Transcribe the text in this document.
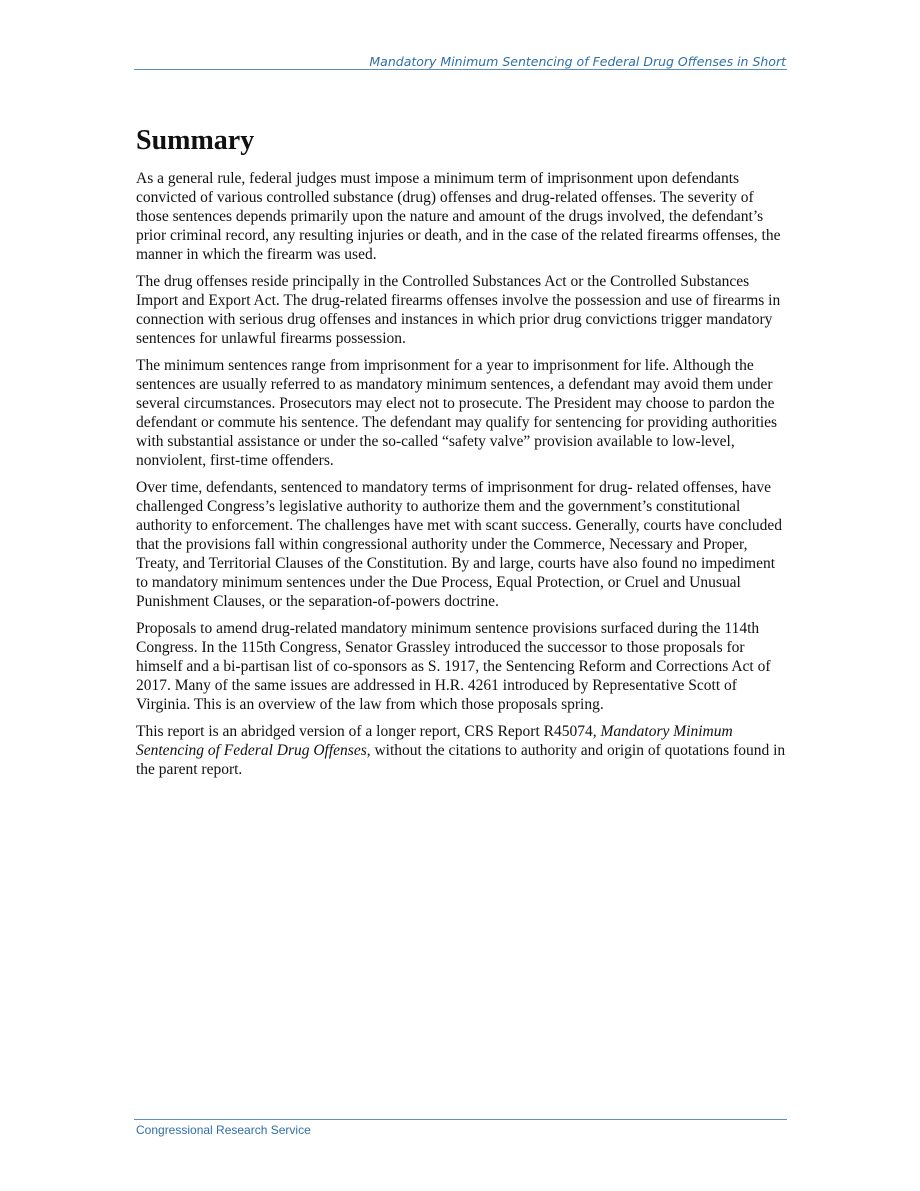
Mandatory Minimum Sentencing of Federal Drug Offenses in Short
Summary

As a general rule, federal judges must impose a minimum term of imprisonment upon defendants convicted of various controlled substance (drug) offenses and drug-related offenses. The severity of those sentences depends primarily upon the nature and amount of the drugs involved, the defendant’s prior criminal record, any resulting injuries or death, and in the case of the related firearms offenses, the manner in which the firearm was used.

The drug offenses reside principally in the Controlled Substances Act or the Controlled Substances Import and Export Act. The drug-related firearms offenses involve the possession and use of firearms in connection with serious drug offenses and instances in which prior drug convictions trigger mandatory sentences for unlawful firearms possession.

The minimum sentences range from imprisonment for a year to imprisonment for life. Although the sentences are usually referred to as mandatory minimum sentences, a defendant may avoid them under several circumstances. Prosecutors may elect not to prosecute. The President may choose to pardon the defendant or commute his sentence. The defendant may qualify for sentencing for providing authorities with substantial assistance or under the so-called “safety valve” provision available to low-level, nonviolent, first-time offenders.

Over time, defendants, sentenced to mandatory terms of imprisonment for drug- related offenses, have challenged Congress’s legislative authority to authorize them and the government’s constitutional authority to enforcement. The challenges have met with scant success. Generally, courts have concluded that the provisions fall within congressional authority under the Commerce, Necessary and Proper, Treaty, and Territorial Clauses of the Constitution. By and large, courts have also found no impediment to mandatory minimum sentences under the Due Process, Equal Protection, or Cruel and Unusual Punishment Clauses, or the separation-of-powers doctrine.

Proposals to amend drug-related mandatory minimum sentence provisions surfaced during the 114th Congress. In the 115th Congress, Senator Grassley introduced the successor to those proposals for himself and a bi-partisan list of co-sponsors as S. 1917, the Sentencing Reform and Corrections Act of 2017. Many of the same issues are addressed in H.R. 4261 introduced by Representative Scott of Virginia. This is an overview of the law from which those proposals spring.

This report is an abridged version of a longer report, CRS Report R45074, Mandatory Minimum Sentencing of Federal Drug Offenses, without the citations to authority and origin of quotations found in the parent report.

Congressional Research Service
